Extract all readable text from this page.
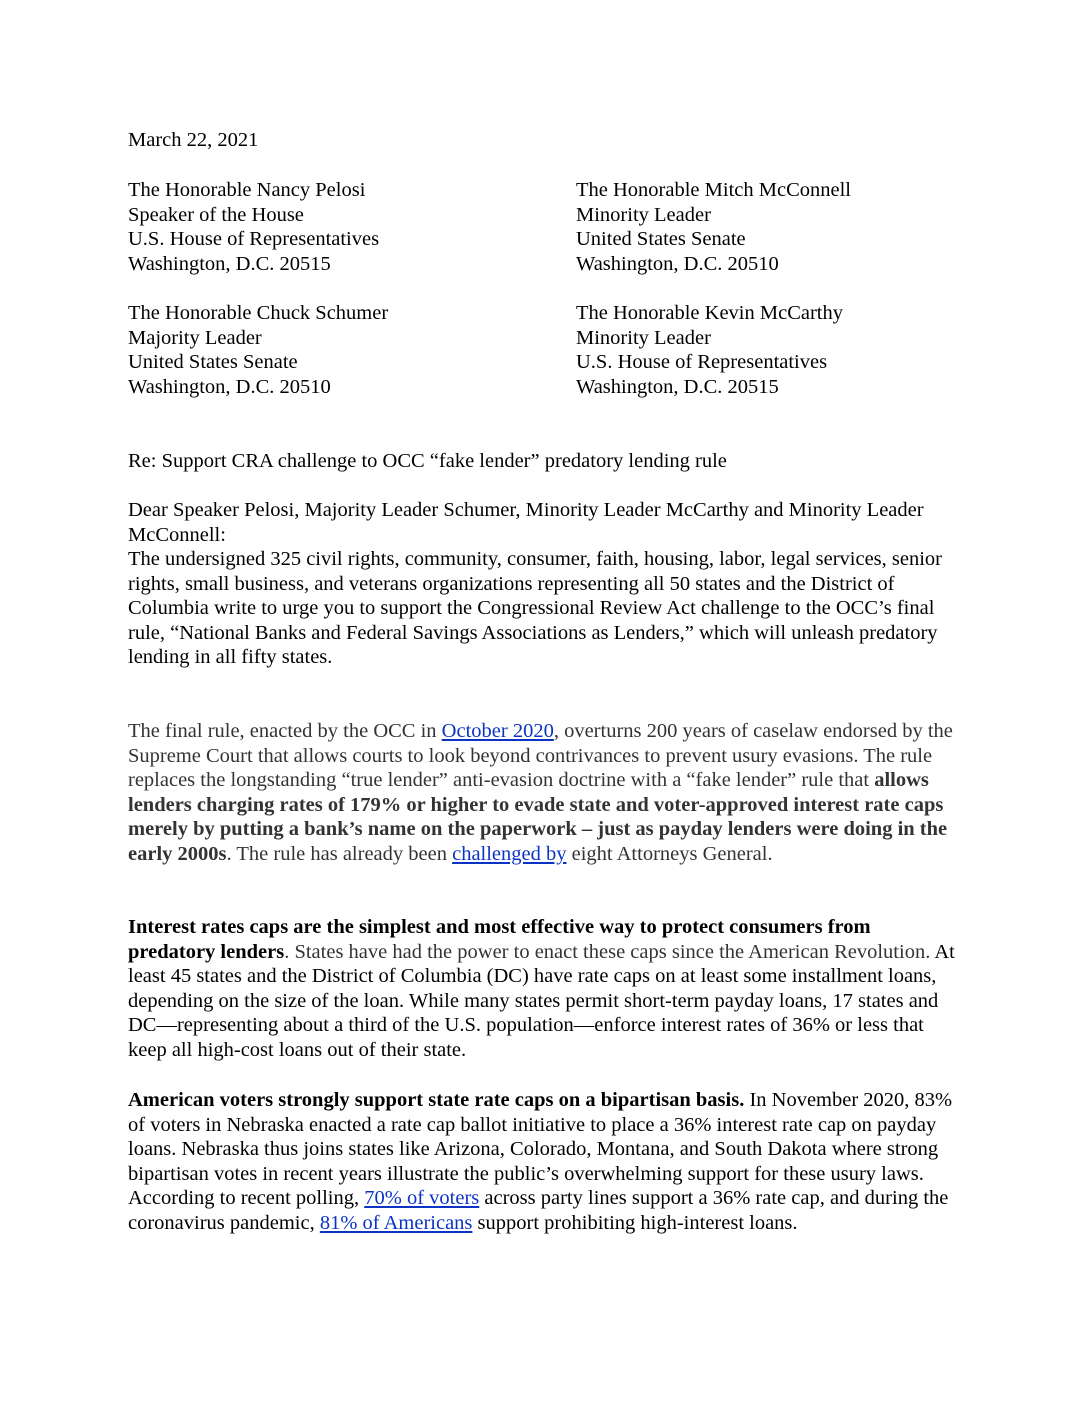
March 22, 2021
The Honorable Nancy Pelosi
Speaker of the House
U.S. House of Representatives
Washington, D.C. 20515
The Honorable Mitch McConnell
Minority Leader
United States Senate
Washington, D.C. 20510
The Honorable Chuck Schumer
Majority Leader
United States Senate
Washington, D.C. 20510
The Honorable Kevin McCarthy
Minority Leader
U.S. House of Representatives
Washington, D.C. 20515
Re: Support CRA challenge to OCC “fake lender” predatory lending rule
Dear Speaker Pelosi, Majority Leader Schumer, Minority Leader McCarthy and Minority Leader McConnell:
The undersigned 325 civil rights, community, consumer, faith, housing, labor, legal services, senior rights, small business, and veterans organizations representing all 50 states and the District of Columbia write to urge you to support the Congressional Review Act challenge to the OCC’s final rule, “National Banks and Federal Savings Associations as Lenders,” which will unleash predatory lending in all fifty states.
The final rule, enacted by the OCC in October 2020, overturns 200 years of caselaw endorsed by the Supreme Court that allows courts to look beyond contrivances to prevent usury evasions. The rule replaces the longstanding “true lender” anti-evasion doctrine with a “fake lender” rule that allows lenders charging rates of 179% or higher to evade state and voter-approved interest rate caps merely by putting a bank’s name on the paperwork – just as payday lenders were doing in the early 2000s. The rule has already been challenged by eight Attorneys General.
Interest rates caps are the simplest and most effective way to protect consumers from predatory lenders. States have had the power to enact these caps since the American Revolution. At least 45 states and the District of Columbia (DC) have rate caps on at least some installment loans, depending on the size of the loan. While many states permit short-term payday loans, 17 states and DC—representing about a third of the U.S. population—enforce interest rates of 36% or less that keep all high-cost loans out of their state.
American voters strongly support state rate caps on a bipartisan basis. In November 2020, 83% of voters in Nebraska enacted a rate cap ballot initiative to place a 36% interest rate cap on payday loans. Nebraska thus joins states like Arizona, Colorado, Montana, and South Dakota where strong bipartisan votes in recent years illustrate the public’s overwhelming support for these usury laws. According to recent polling, 70% of voters across party lines support a 36% rate cap, and during the coronavirus pandemic, 81% of Americans support prohibiting high-interest loans.
